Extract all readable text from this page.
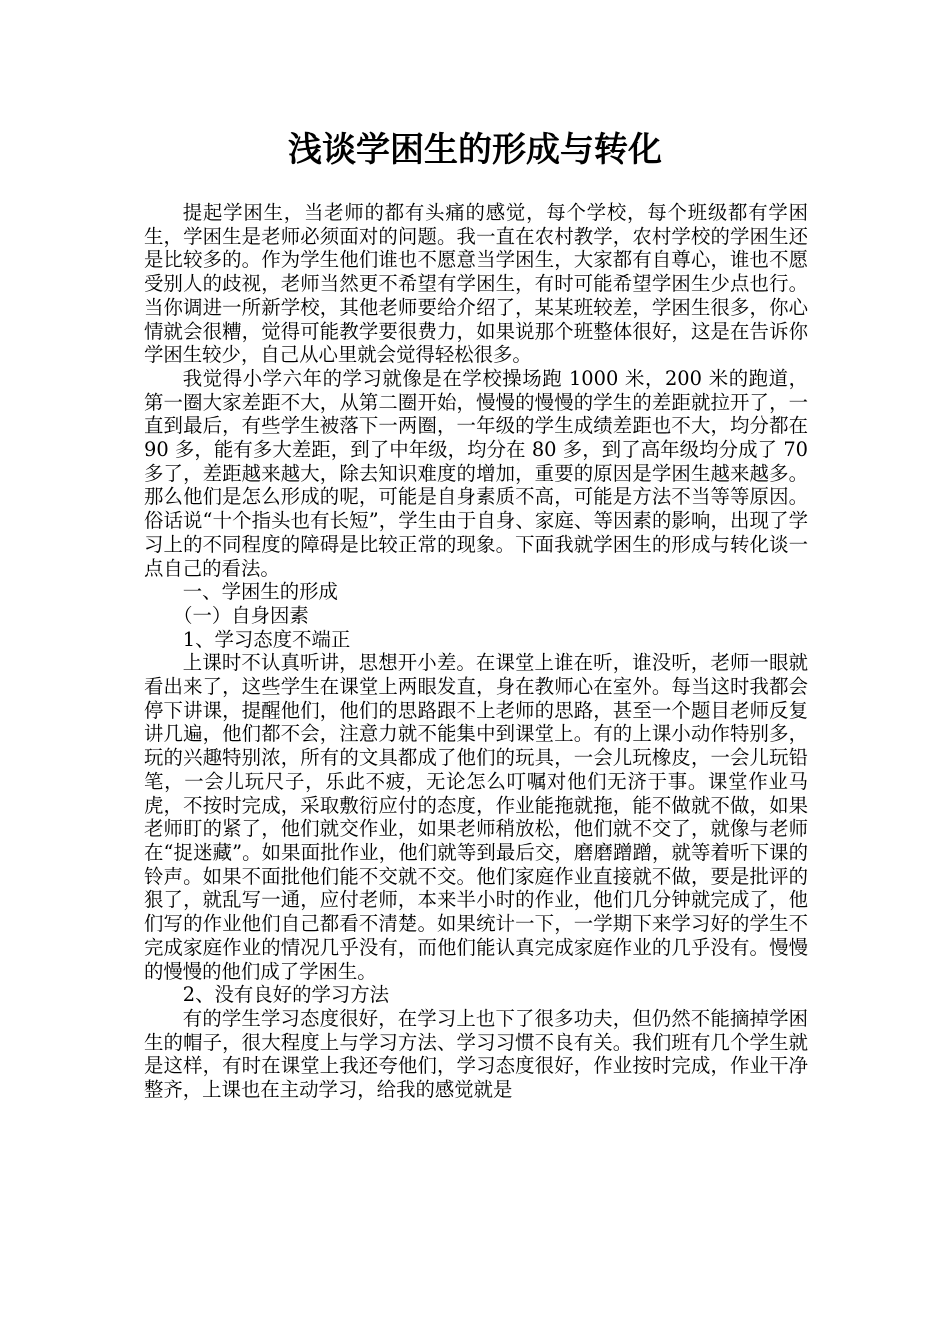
浅谈学困生的形成与转化

提起学困生，当老师的都有头痛的感觉，每个学校，每个班级都有学困生，学困生是老师必须面对的问题。我一直在农村教学，农村学校的学困生还是比较多的。作为学生他们谁也不愿意当学困生，大家都有自尊心，谁也不愿受别人的歧视，老师当然更不希望有学困生，有时可能希望学困生少点也行。当你调进一所新学校，其他老师要给介绍了，某某班较差，学困生很多，你心情就会很糟，觉得可能教学要很费力，如果说那个班整体很好，这是在告诉你学困生较少，自己从心里就会觉得轻松很多。

我觉得小学六年的学习就像是在学校操场跑 1000 米，200 米的跑道，第一圈大家差距不大，从第二圈开始，慢慢的慢慢的学生的差距就拉开了，一直到最后，有些学生被落下一两圈，一年级的学生成绩差距也不大，均分都在 90 多，能有多大差距，到了中年级，均分在 80 多，到了高年级均分成了 70 多了，差距越来越大，除去知识难度的增加，重要的原因是学困生越来越多。那么他们是怎么形成的呢，可能是自身素质不高，可能是方法不当等等原因。俗话说“十个指头也有长短”，学生由于自身、家庭、等因素的影响，出现了学习上的不同程度的障碍是比较正常的现象。下面我就学困生的形成与转化谈一点自己的看法。

一、学困生的形成

（一）自身因素

1、学习态度不端正

上课时不认真听讲，思想开小差。在课堂上谁在听，谁没听，老师一眼就看出来了，这些学生在课堂上两眼发直，身在教师心在室外。每当这时我都会停下讲课，提醒他们，他们的思路跟不上老师的思路，甚至一个题目老师反复讲几遍，他们都不会，注意力就不能集中到课堂上。有的上课小动作特别多，玩的兴趣特别浓，所有的文具都成了他们的玩具，一会儿玩橡皮，一会儿玩铅笔，一会儿玩尺子，乐此不疲，无论怎么叮嘱对他们无济于事。课堂作业马虎，不按时完成，采取敷衍应付的态度，作业能拖就拖，能不做就不做，如果老师盯的紧了，他们就交作业，如果老师稍放松，他们就不交了，就像与老师在“捉迷藏”。如果面批作业，他们就等到最后交，磨磨蹭蹭，就等着听下课的铃声。如果不面批他们能不交就不交。他们家庭作业直接就不做，要是批评的狠了，就乱写一通，应付老师，本来半小时的作业，他们几分钟就完成了，他们写的作业他们自己都看不清楚。如果统计一下，一学期下来学习好的学生不完成家庭作业的情况几乎没有，而他们能认真完成家庭作业的几乎没有。慢慢的慢慢的他们成了学困生。

2、没有良好的学习方法

有的学生学习态度很好，在学习上也下了很多功夫，但仍然不能摘掉学困生的帽子，很大程度上与学习方法、学习习惯不良有关。我们班有几个学生就是这样，有时在课堂上我还夸他们，学习态度很好，作业按时完成，作业干净整齐，上课也在主动学习，给我的感觉就是
